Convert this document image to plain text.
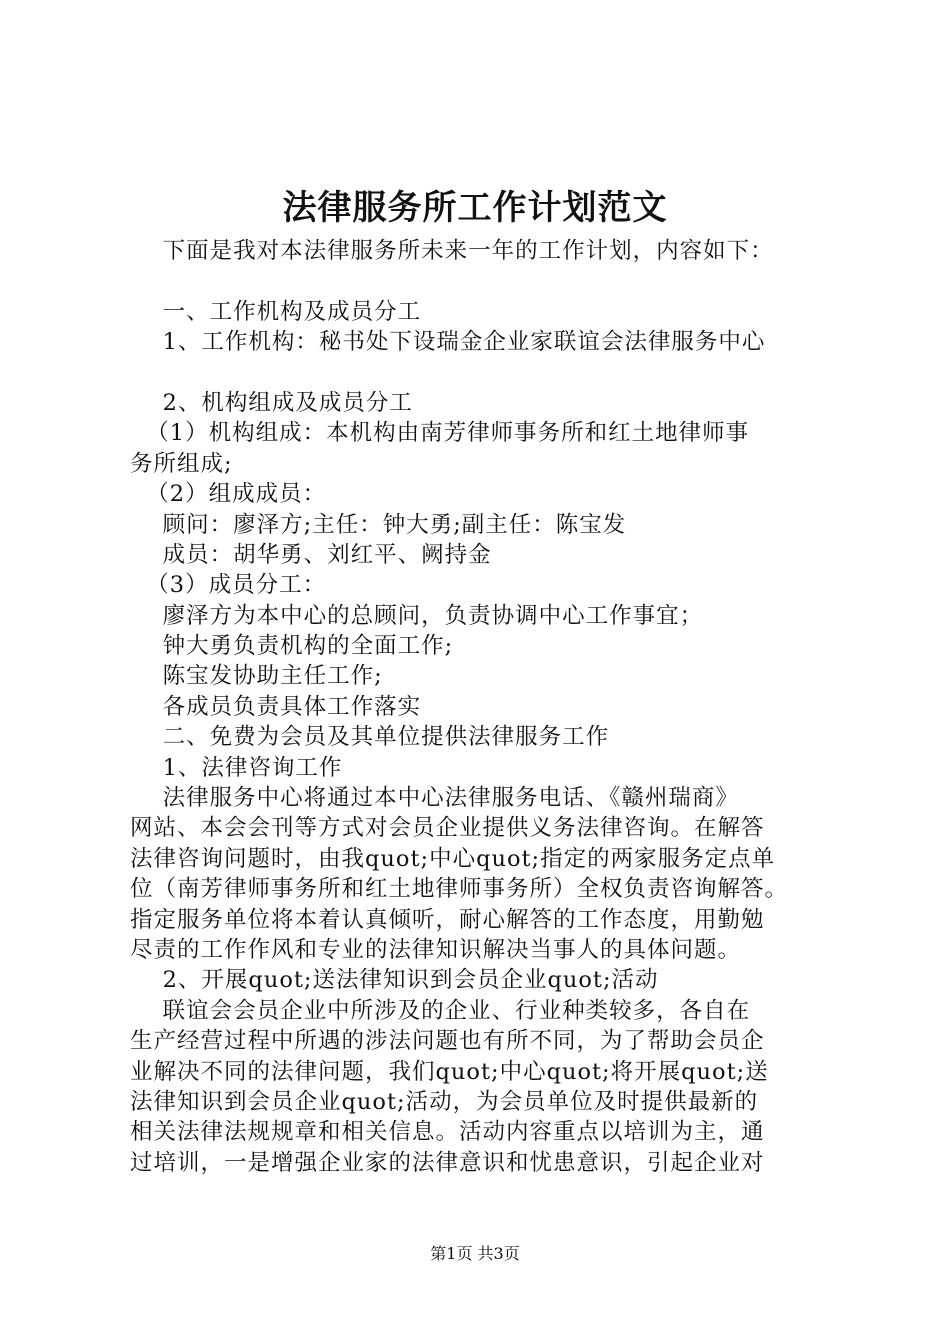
法律服务所工作计划范文
下面是我对本法律服务所未来一年的工作计划，内容如下：
一、工作机构及成员分工
1、工作机构：秘书处下设瑞金企业家联谊会法律服务中心
2、机构组成及成员分工
（1）机构组成：本机构由南芳律师事务所和红土地律师事
务所组成;
（2）组成成员：
顾问：廖泽方;主任：钟大勇;副主任：陈宝发
成员：胡华勇、刘红平、阙持金
（3）成员分工：
廖泽方为本中心的总顾问，负责协调中心工作事宜；
钟大勇负责机构的全面工作;
陈宝发协助主任工作;
各成员负责具体工作落实
二、免费为会员及其单位提供法律服务工作
1、法律咨询工作
法律服务中心将通过本中心法律服务电话、《赣州瑞商》
网站、本会会刊等方式对会员企业提供义务法律咨询。在解答
法律咨询问题时，由我quot;中心quot;指定的两家服务定点单
位（南芳律师事务所和红土地律师事务所）全权负责咨询解答。
指定服务单位将本着认真倾听，耐心解答的工作态度，用勤勉
尽责的工作作风和专业的法律知识解决当事人的具体问题。
2、开展quot;送法律知识到会员企业quot;活动
联谊会会员企业中所涉及的企业、行业种类较多，各自在
生产经营过程中所遇的涉法问题也有所不同，为了帮助会员企
业解决不同的法律问题，我们quot;中心quot;将开展quot;送
法律知识到会员企业quot;活动，为会员单位及时提供最新的
相关法律法规规章和相关信息。活动内容重点以培训为主，通
过培训，一是增强企业家的法律意识和忧患意识，引起企业对
第1页 共3页
